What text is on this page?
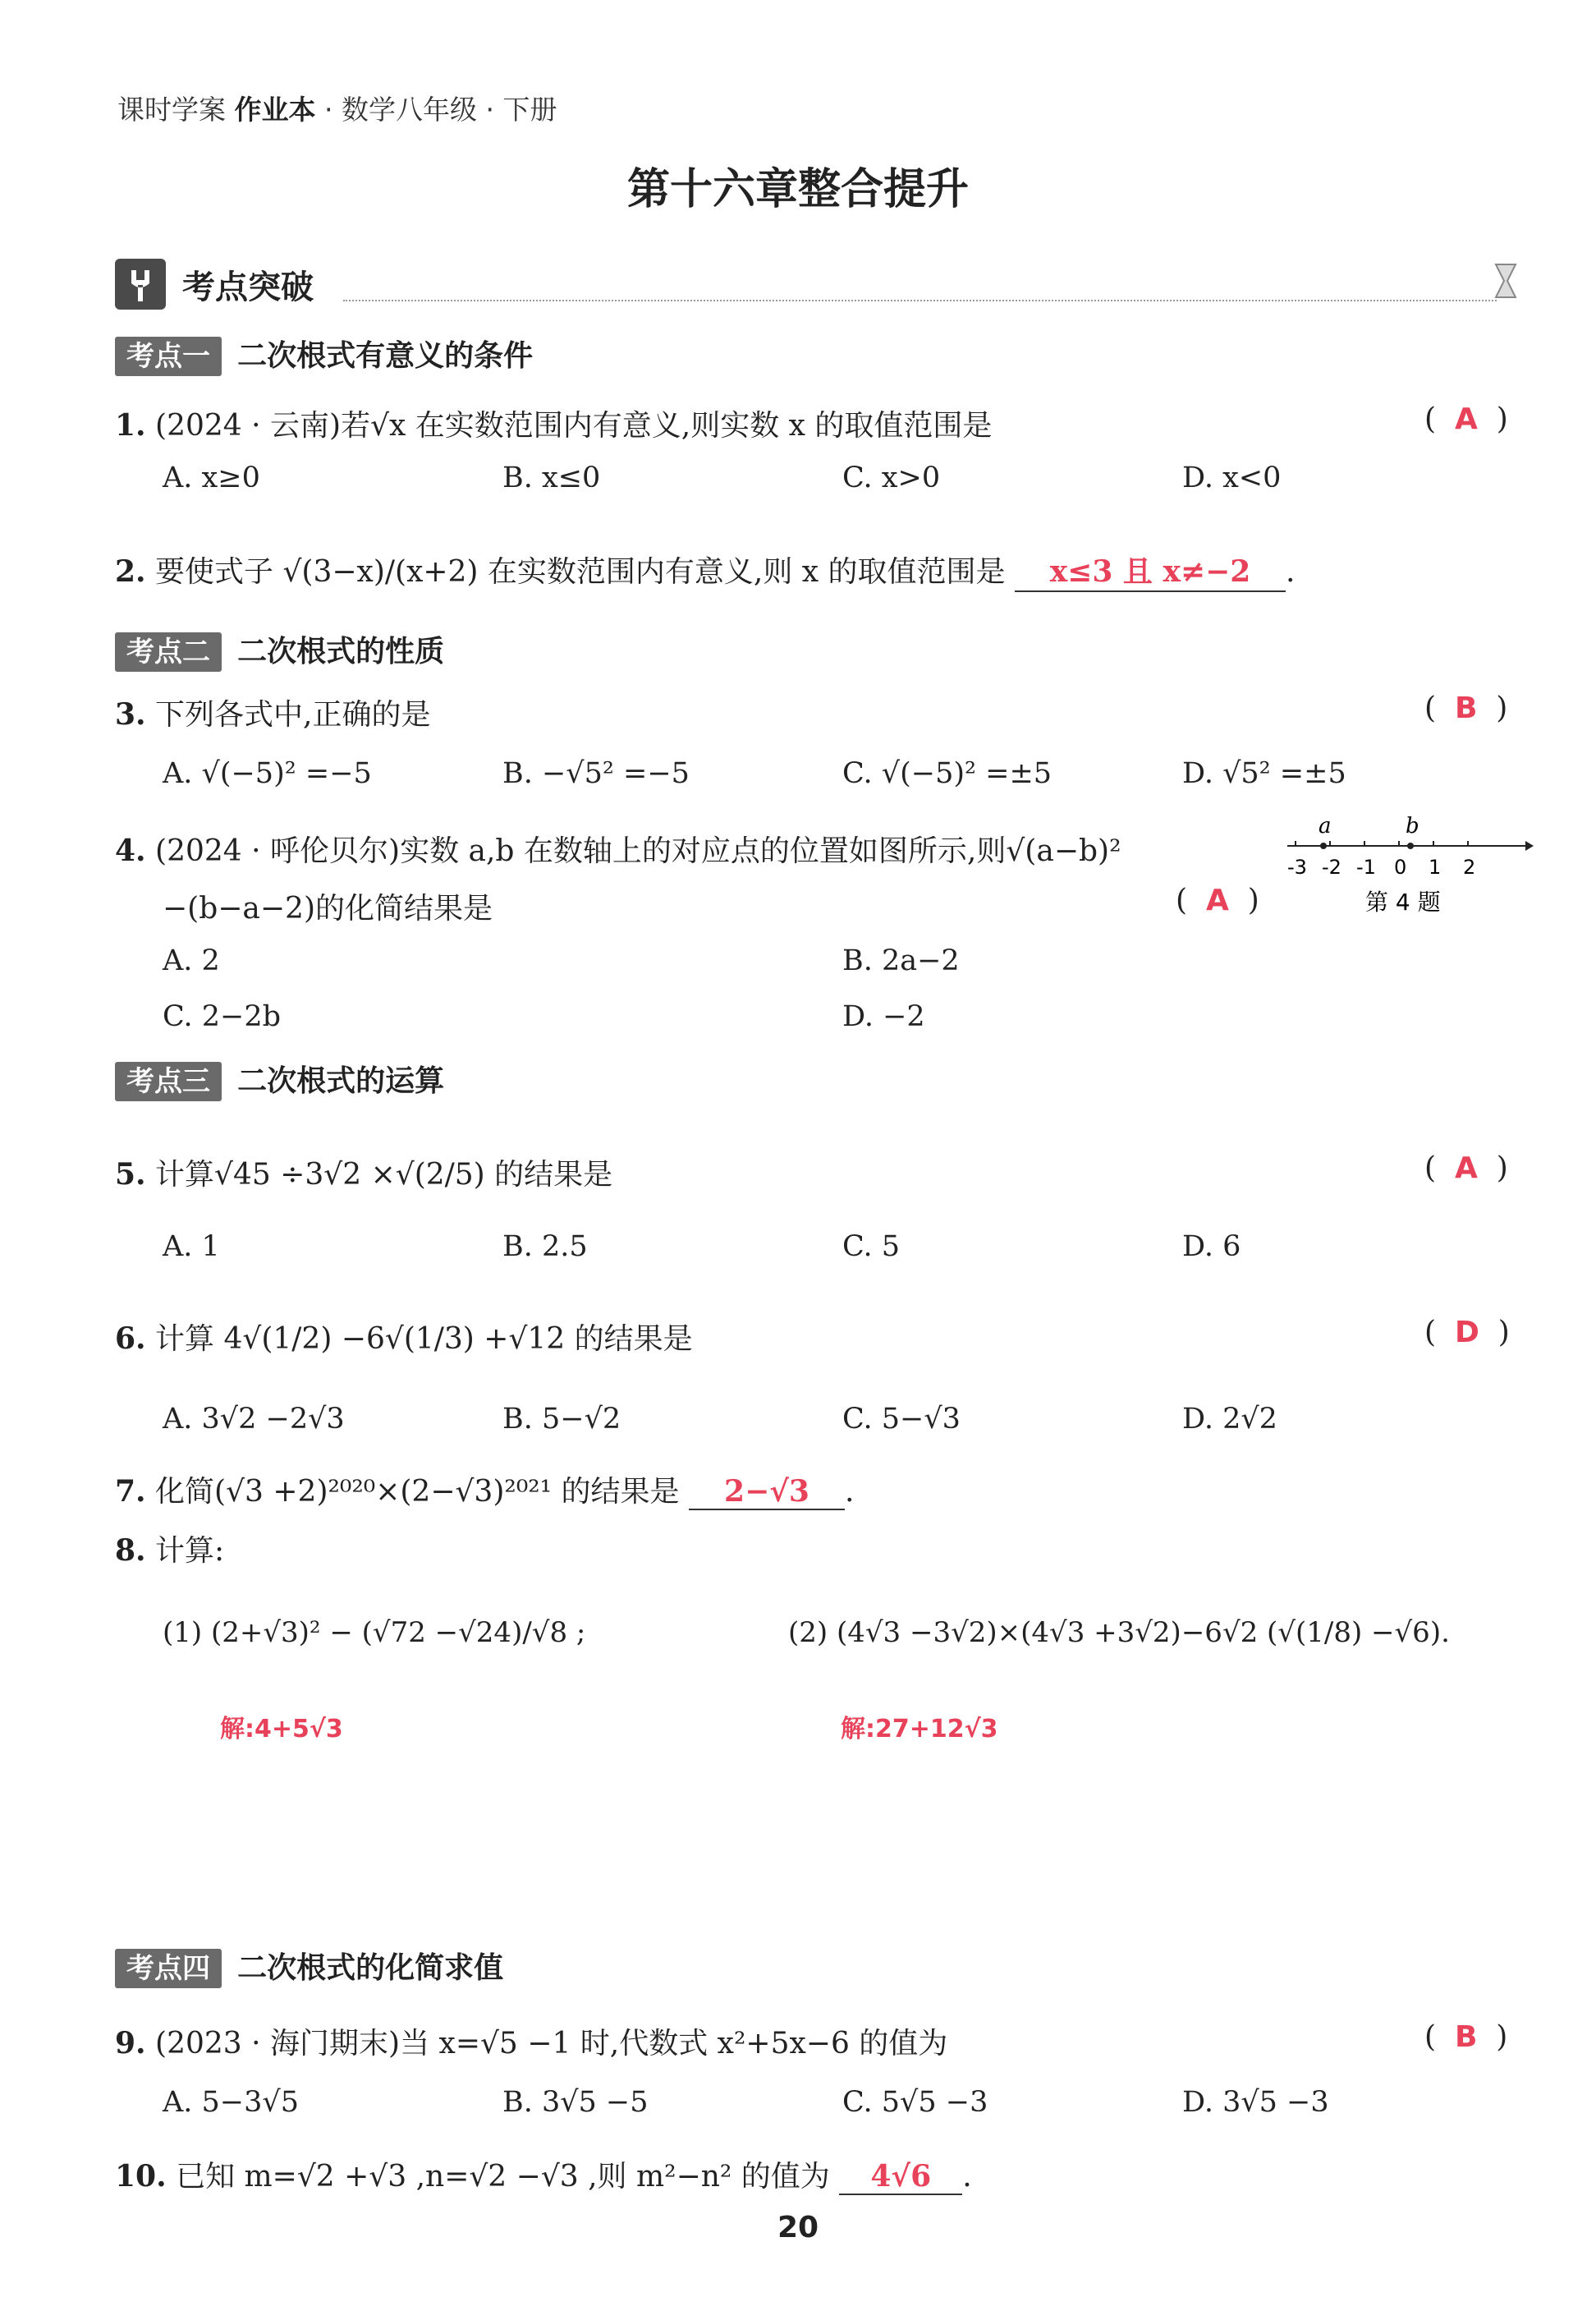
课时学案 作业本 · 数学八年级 · 下册
第十六章整合提升
考点突破
考点一 二次根式有意义的条件
1. (2024 · 云南)若√x 在实数范围内有意义,则实数 x 的取值范围是	(  A  )
A. x≥0	B. x≤0	C. x>0	D. x<0
2. 要使式子 √(3−x)/(x+2) 在实数范围内有意义,则 x 的取值范围是 x≤3 且 x≠−2 .
考点二 二次根式的性质
3. 下列各式中,正确的是	(  B  )
A. √(−5)² =−5	B. −√5² =−5	C. √(−5)² =±5	D. √5² =±5
4. (2024 · 呼伦贝尔)实数 a,b 在数轴上的对应点的位置如图所示,则√(a−b)²
−(b−a−2)的化简结果是	(  A  )
a	b
-3 -2 -1 0 1 2
第 4 题
A. 2	B. 2a−2
C. 2−2b	D. −2
考点三 二次根式的运算
5. 计算√45 ÷3√2 ×√(2/5) 的结果是	(  A  )
A. 1	B. 2.5	C. 5	D. 6
6. 计算 4√(1/2) −6√(1/3) +√12 的结果是	(  D  )
A. 3√2 −2√3	B. 5−√2	C. 5−√3	D. 2√2
7. 化简(√3 +2)²⁰²⁰×(2−√3)²⁰²¹ 的结果是 2−√3 .
8. 计算:
(1) (2+√3)² − (√72 −√24)/√8 ;	(2) (4√3 −3√2)×(4√3 +3√2)−6√2 (√(1/8) −√6).
解:4+5√3	解:27+12√3
考点四 二次根式的化简求值
9. (2023 · 海门期末)当 x=√5 −1 时,代数式 x²+5x−6 的值为	(  B  )
A. 5−3√5	B. 3√5 −5	C. 5√5 −3	D. 3√5 −3
10. 已知 m=√2 +√3 ,n=√2 −√3 ,则 m²−n² 的值为 4√6 .
20
